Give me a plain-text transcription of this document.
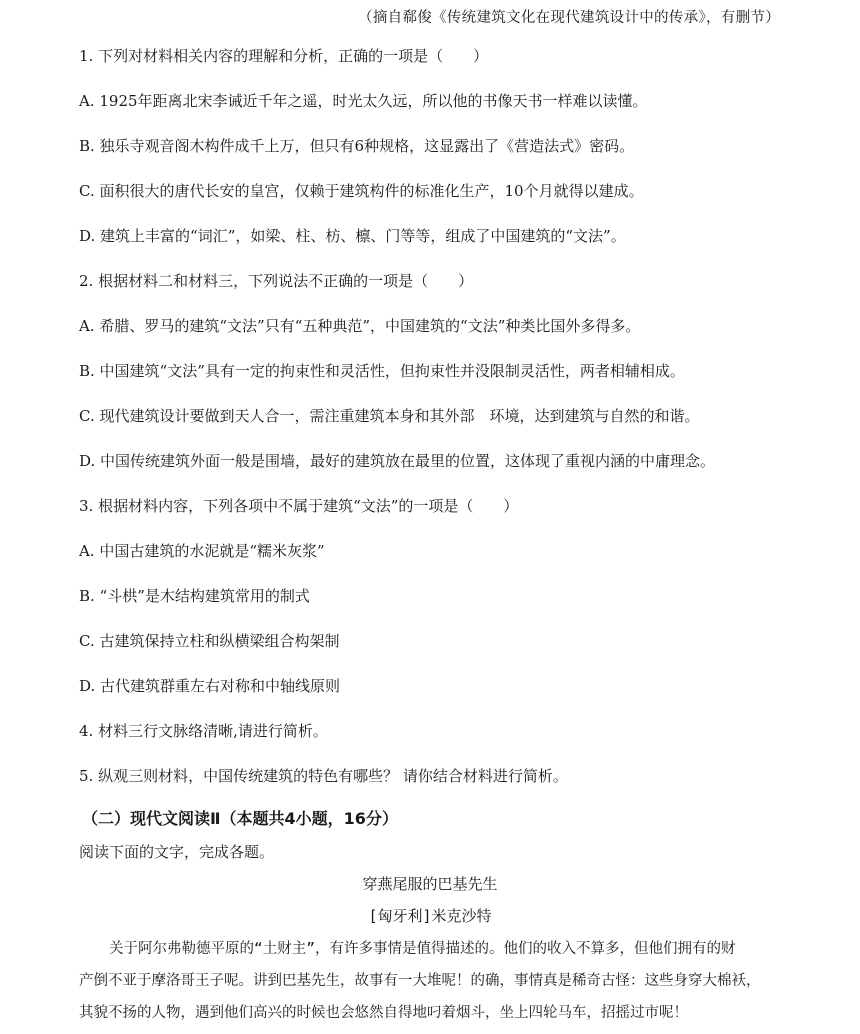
（摘自郗俊《传统建筑文化在现代建筑设计中的传承》，有删节）
1. 下列对材料相关内容的理解和分析，正确的一项是（　　）
A. 1925年距离北宋李诫近千年之遥，时光太久远，所以他的书像天书一样难以读懂。
B. 独乐寺观音阁木构件成千上万，但只有6种规格，这显露出了《营造法式》密码。
C. 面积很大的唐代长安的皇宫，仅赖于建筑构件的标准化生产，10个月就得以建成。
D. 建筑上丰富的“词汇”，如梁、柱、枋、檩、门等等，组成了中国建筑的“文法”。
2. 根据材料二和材料三，下列说法不正确的一项是（　　）
A. 希腊、罗马的建筑“文法”只有“五种典范”，中国建筑的“文法”种类比国外多得多。
B. 中国建筑“文法”具有一定的拘束性和灵活性，但拘束性并没限制灵活性，两者相辅相成。
C. 现代建筑设计要做到天人合一，需注重建筑本身和其外部　环境，达到建筑与自然的和谐。
D. 中国传统建筑外面一般是围墙，最好的建筑放在最里的位置，这体现了重视内涵的中庸理念。
3. 根据材料内容，下列各项中不属于建筑“文法”的一项是（　　）
A. 中国古建筑的水泥就是“糯米灰浆”
B. “斗栱”是木结构建筑常用的制式
C. 古建筑保持立柱和纵横梁组合构架制
D. 古代建筑群重左右对称和中轴线原则
4. 材料三行文脉络清晰,请进行简析。
5. 纵观三则材料，中国传统建筑的特色有哪些？ 请你结合材料进行简析。
（二）现代文阅读Ⅱ（本题共4小题，16分）
阅读下面的文字，完成各题。
穿燕尾服的巴基先生
[匈牙利]米克沙特
关于阿尔弗勒德平原的“土财主”，有许多事情是值得描述的。他们的收入不算多，但他们拥有的财
产倒不亚于摩洛哥王子呢。讲到巴基先生，故事有一大堆呢！的确，事情真是稀奇古怪：这些身穿大棉袄，
其貌不扬的人物，遇到他们高兴的时候也会悠然自得地叼着烟斗，坐上四轮马车，招摇过市呢！
